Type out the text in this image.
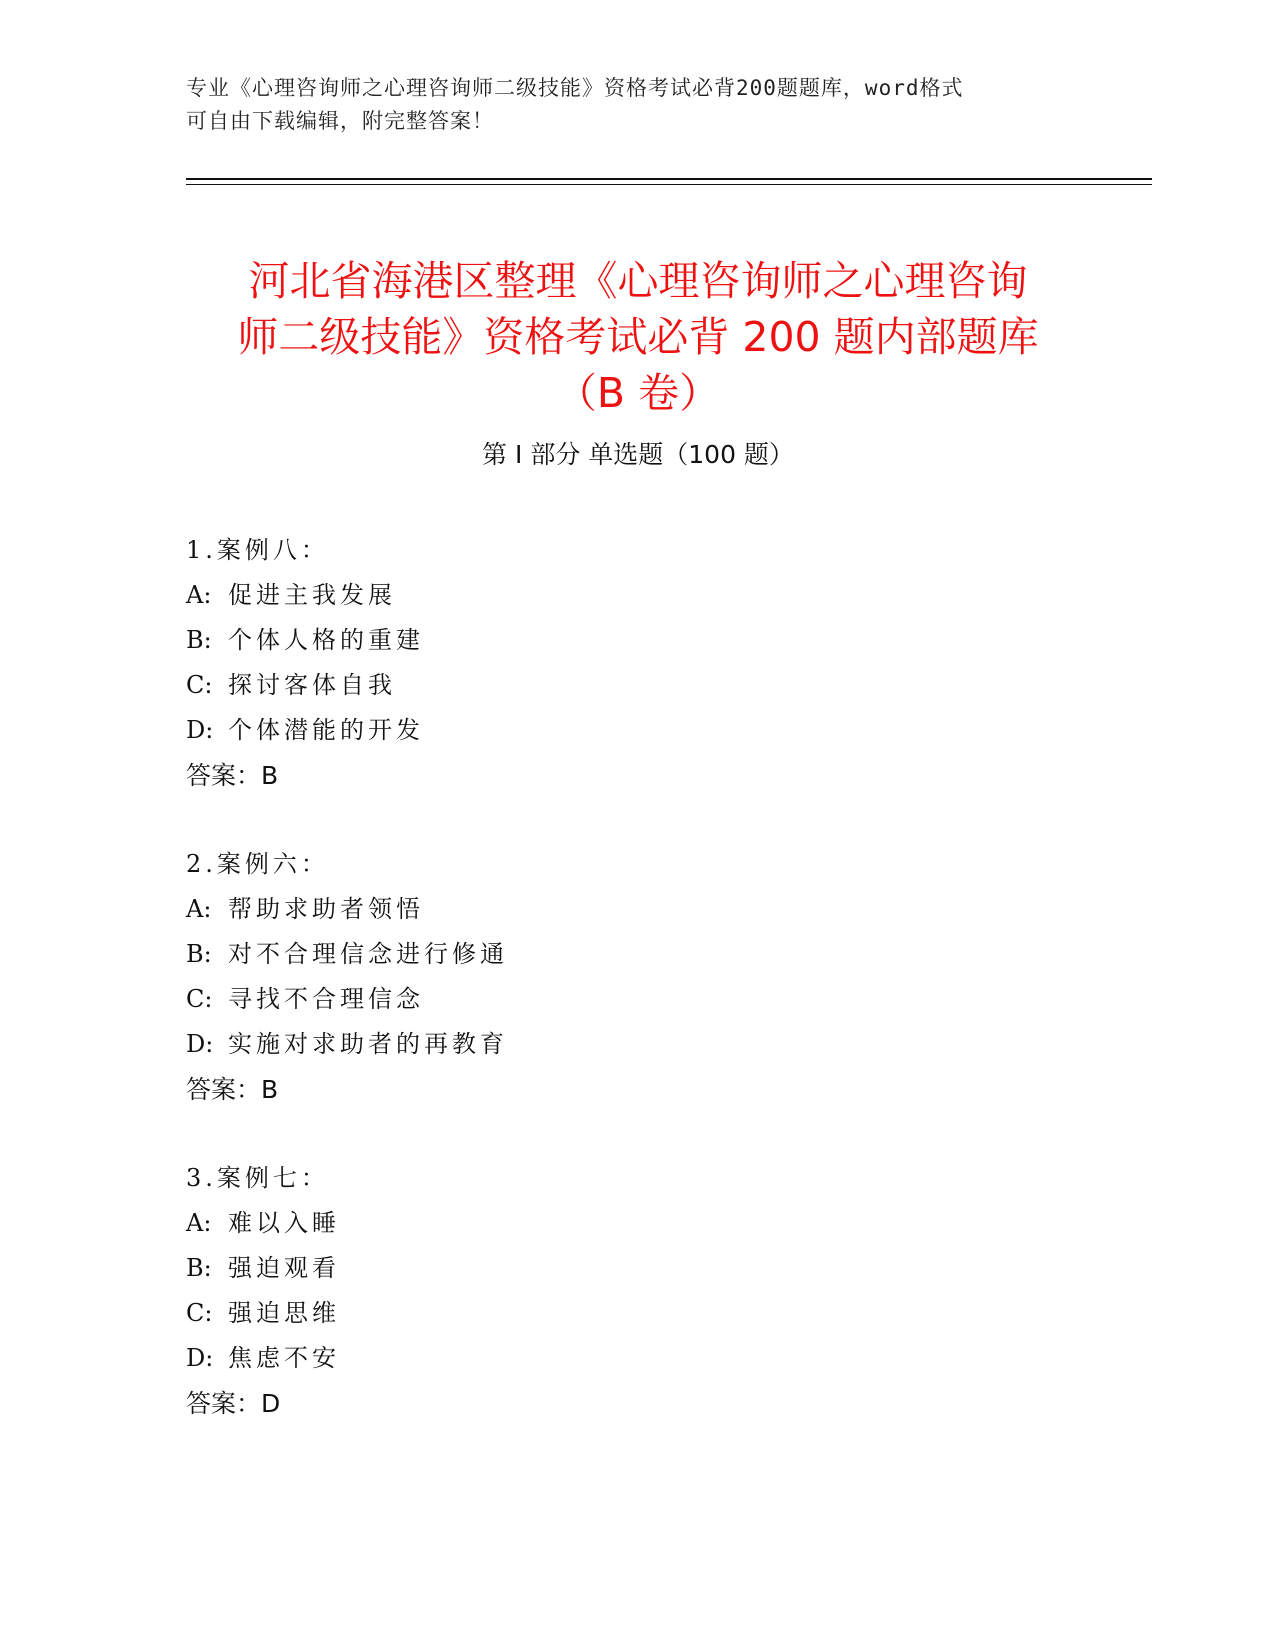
专业《心理咨询师之心理咨询师二级技能》资格考试必背200题题库，word格式
可自由下载编辑，附完整答案！
河北省海港区整理《心理咨询师之心理咨询
师二级技能》资格考试必背 200 题内部题库
（B 卷）
第 I 部分 单选题（100 题）
1.案例八：
A: 促进主我发展
B: 个体人格的重建
C: 探讨客体自我
D: 个体潜能的开发
答案：B
2.案例六：
A: 帮助求助者领悟
B: 对不合理信念进行修通
C: 寻找不合理信念
D: 实施对求助者的再教育
答案：B
3.案例七：
A: 难以入睡
B: 强迫观看
C: 强迫思维
D: 焦虑不安
答案：D
